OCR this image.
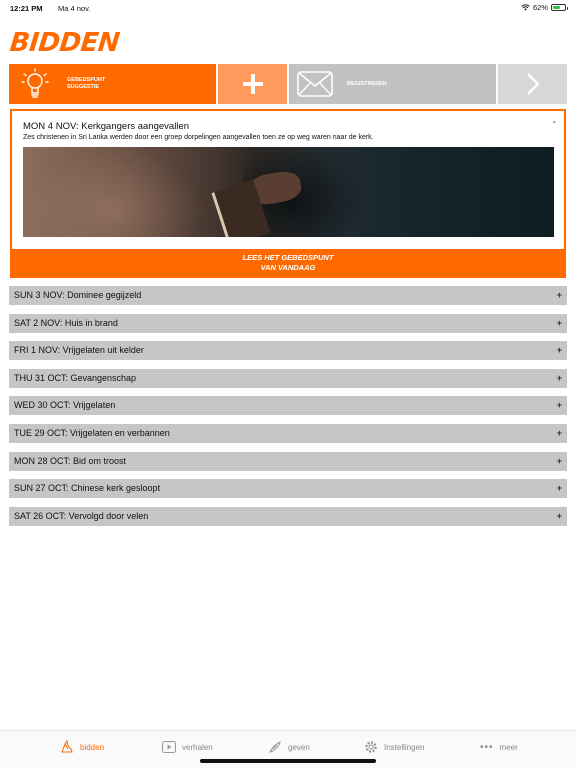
12:21 PM Ma 4 nov.	62%
BIDDEN
GEBEDSPUNT
SUGGESTIE
REGISTREREN
MON 4 NOV: Kerkgangers aangevallen	-
Zes christenen in Sri Lanka werden door een groep dorpelingen aangevallen toen ze op weg waren naar de kerk.
LEES HET GEBEDSPUNT
VAN VANDAAG
SUN 3 NOV: Dominee gegijzeld	+
SAT 2 NOV: Huis in brand	+
FRI 1 NOV: Vrijgelaten uit kelder	+
THU 31 OCT: Gevangenschap	+
WED 30 OCT: Vrijgelaten	+
TUE 29 OCT: Vrijgelaten en verbannen	+
MON 28 OCT: Bid om troost	+
SUN 27 OCT: Chinese kerk gesloopt	+
SAT 26 OCT: Vervolgd door velen	+
bidden	verhalen	geven	Instellingen	••• meer
